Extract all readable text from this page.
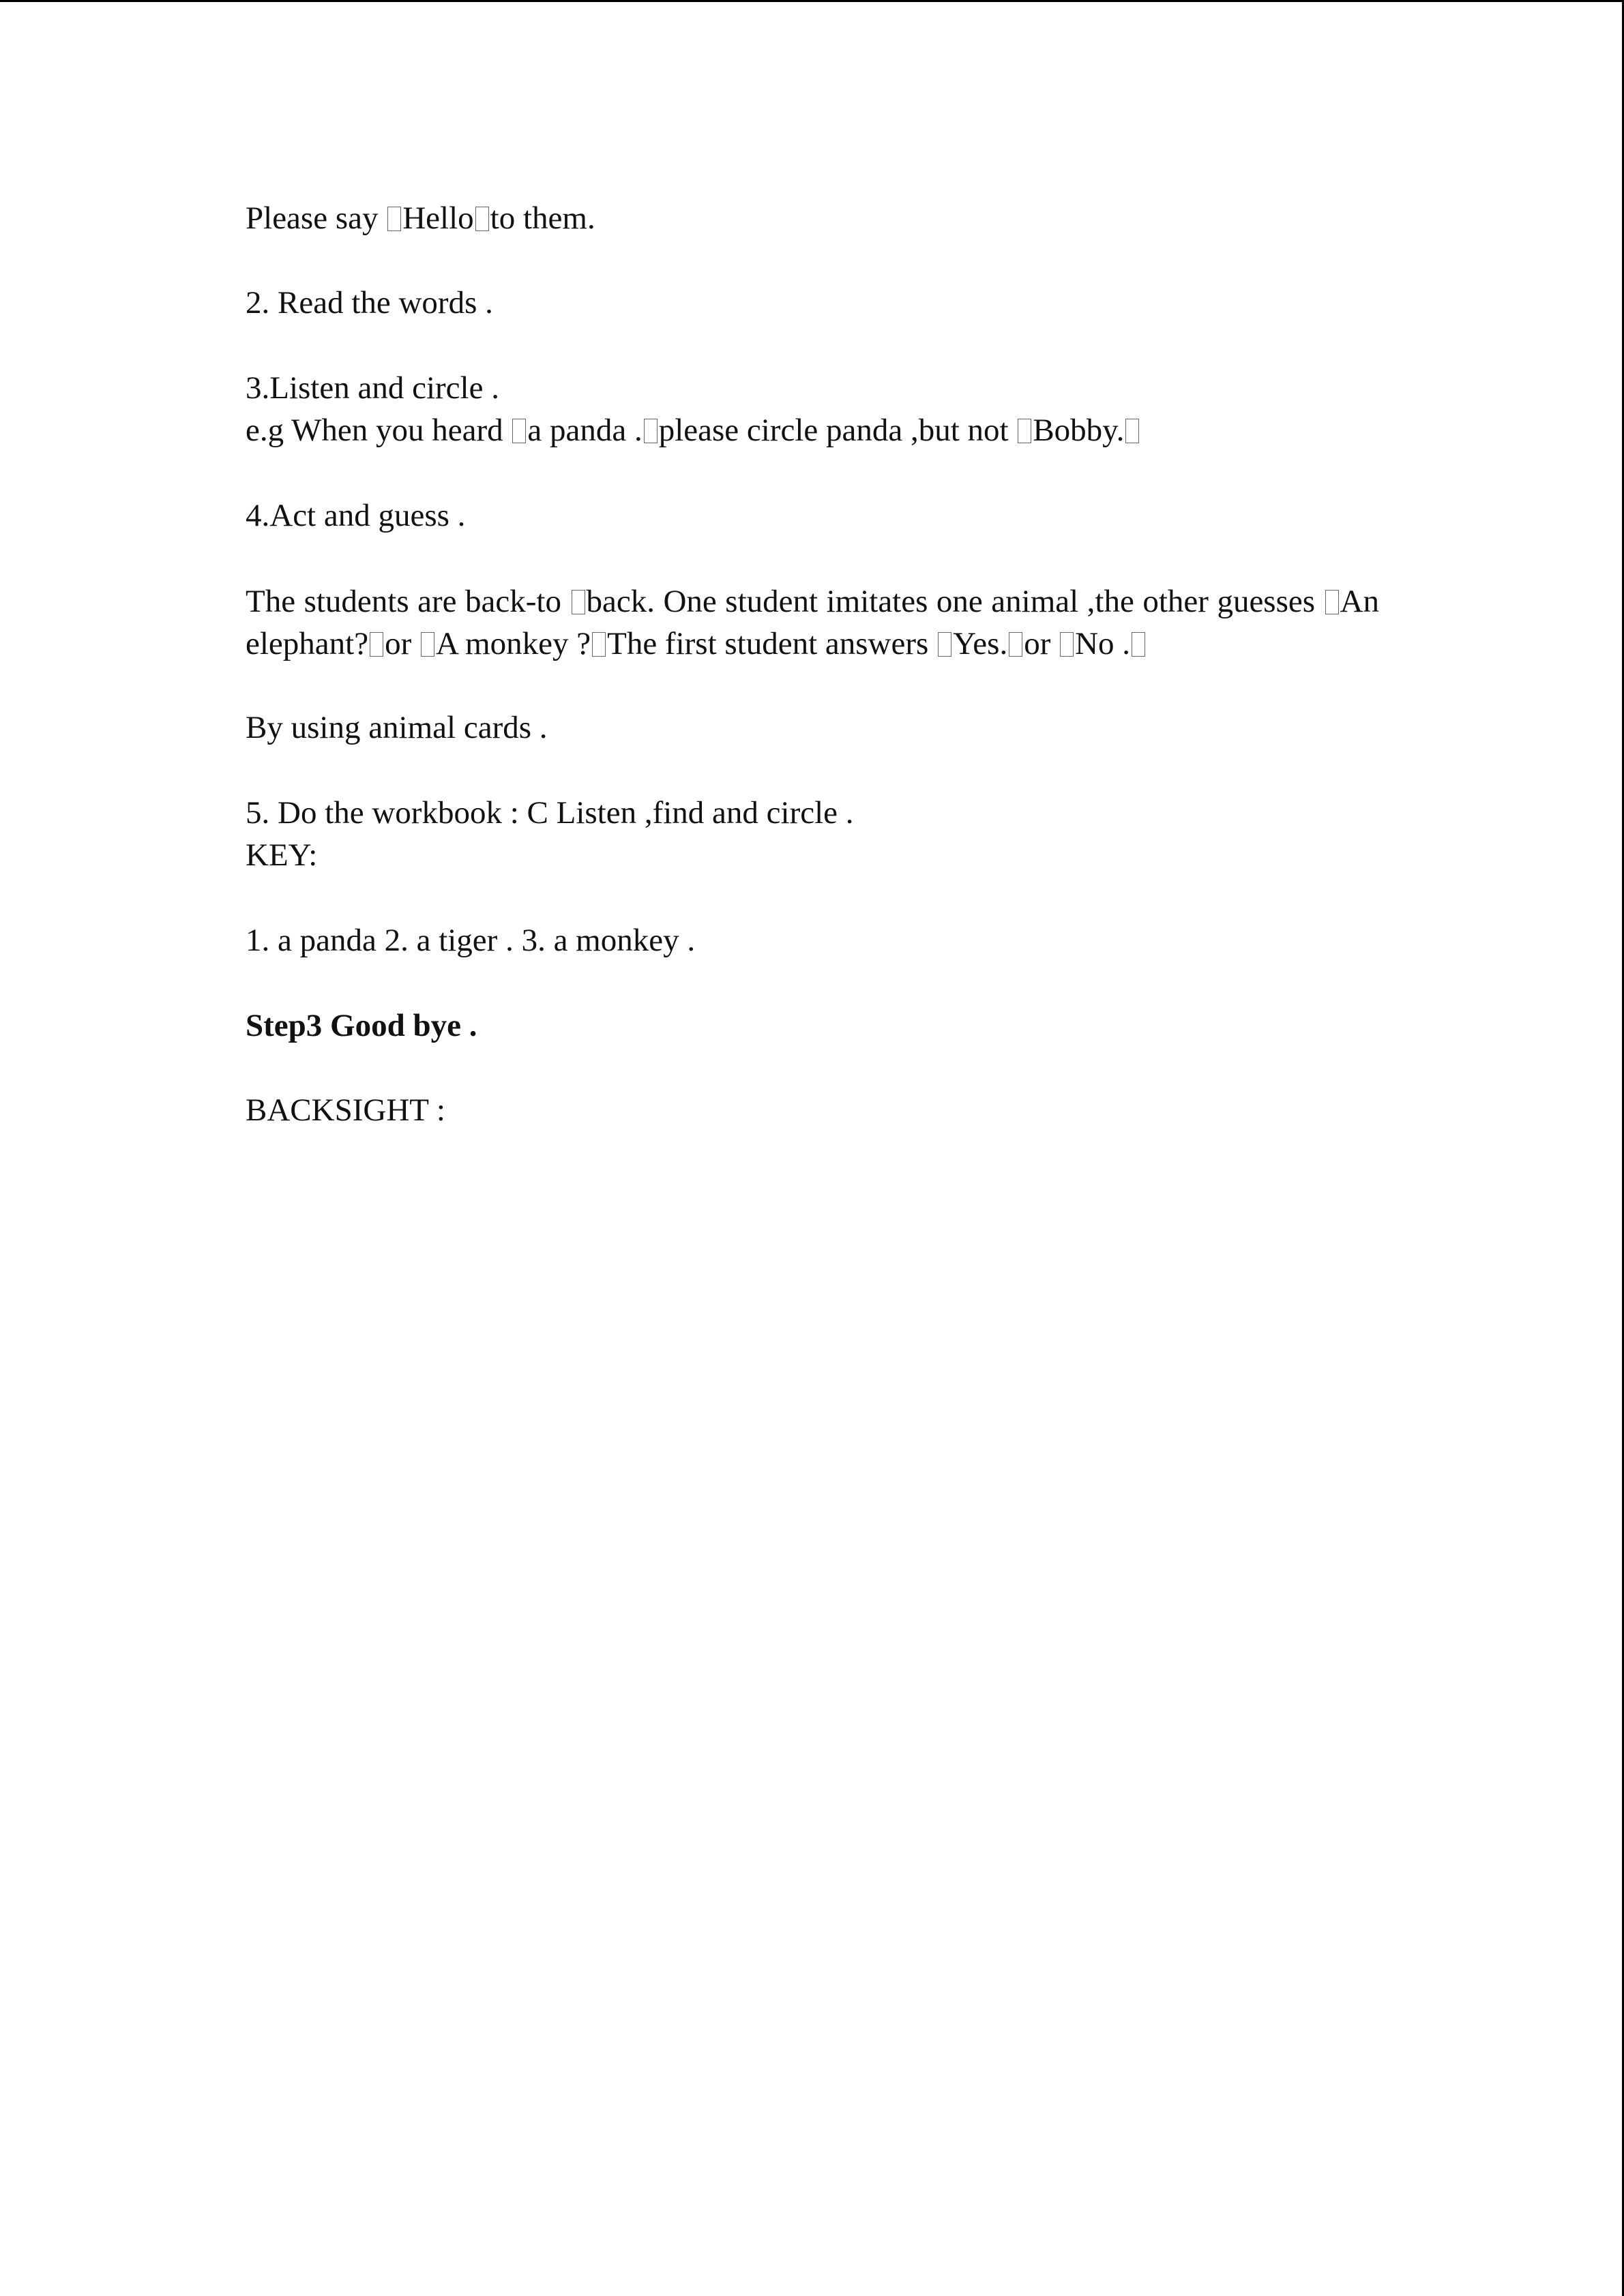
Please say Hello to them.
2. Read the words .
3.Listen and circle .
e.g When you heard a panda . please circle panda ,but not Bobby.
4.Act and guess .
The students are back-to back. One student imitates one animal ,the other guesses An elephant? or A monkey ? The first student answers Yes. or No .
By using animal cards .
5. Do the workbook : C Listen ,find and circle .
KEY:
1. a panda 2. a tiger . 3. a monkey .
Step3 Good bye .
BACKSIGHT :
